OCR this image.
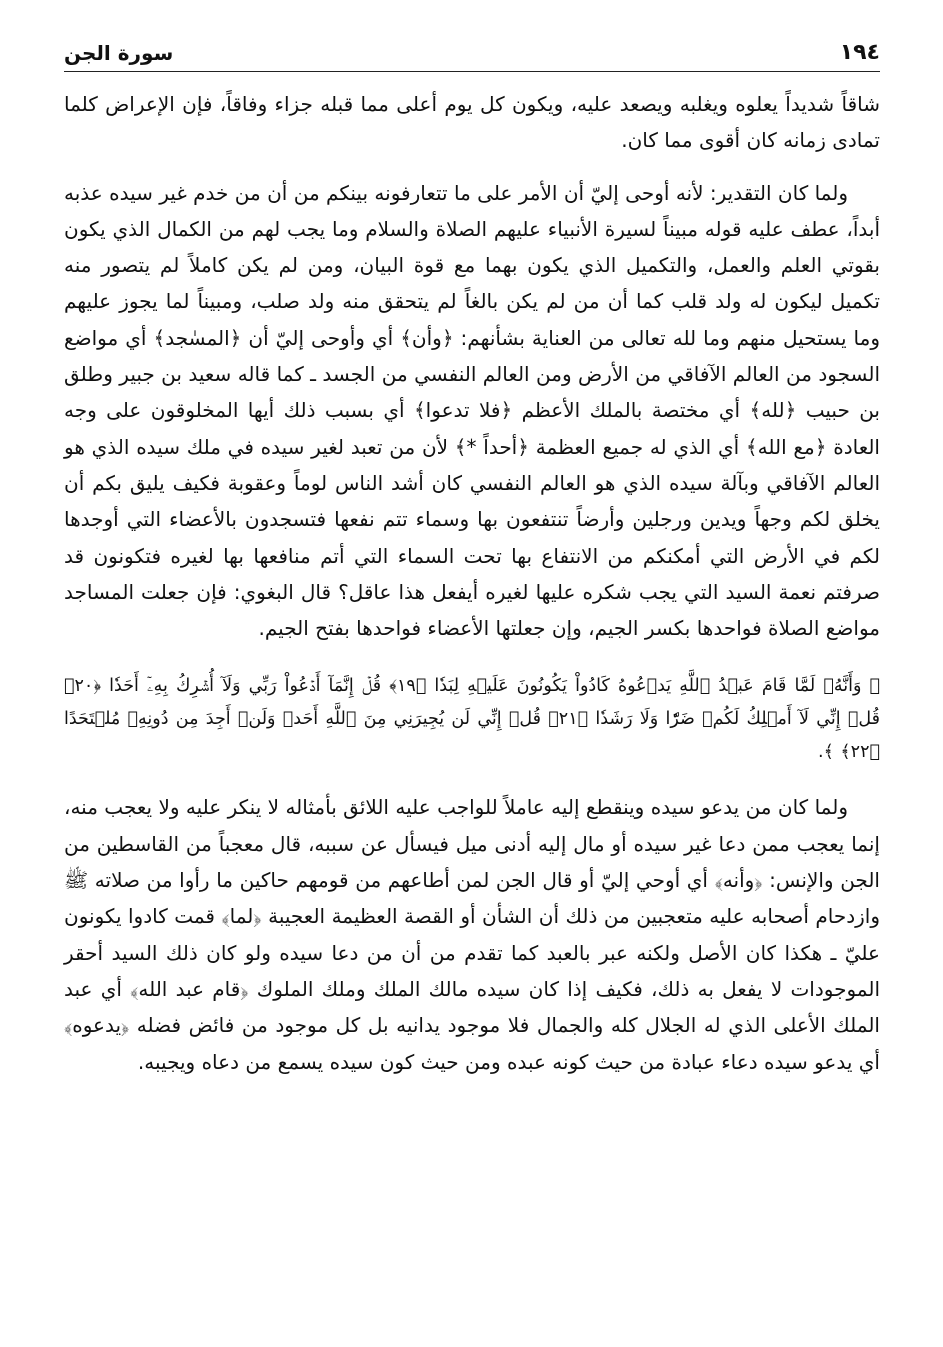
١٩٤
سورة الجن

شاقاً شديداً يعلوه ويغلبه ويصعد عليه، ويكون كل يوم أعلى مما قبله جزاء وفاقاً، فإن الإعراض كلما تمادى زمانه كان أقوى مما كان.

ولما كان التقدير: لأنه أوحى إليّ أن الأمر على ما تتعارفونه بينكم من أن من خدم غير سيده عذبه أبداً، عطف عليه قوله مبيناً لسيرة الأنبياء عليهم الصلاة والسلام وما يجب لهم من الكمال الذي يكون بقوتي العلم والعمل، والتكميل الذي يكون بهما مع قوة البيان، ومن لم يكن كاملاً لم يتصور منه تكميل ليكون له ولد قلب كما أن من لم يكن بالغاً لم يتحقق منه ولد صلب، ومبيناً لما يجوز عليهم وما يستحيل منهم وما لله تعالى من العناية بشأنهم: ﴿وأن﴾ أي وأوحى إليّ أن ﴿المسٰجد﴾ أي مواضع السجود من العالم الآفاقي من الأرض ومن العالم النفسي من الجسد ـ كما قاله سعيد بن جبير وطلق بن حبيب ﴿لله﴾ أي مختصة بالملك الأعظم ﴿فلا تدعوا﴾ أي بسبب ذلك أيها المخلوقون على وجه العادة ﴿مع الله﴾ أي الذي له جميع العظمة ﴿أحداً *﴾ لأن من تعبد لغير سيده في ملك سيده الذي هو العالم الآفاقي وبآلة سيده الذي هو العالم النفسي كان أشد الناس لوماً وعقوبة فكيف يليق بكم أن يخلق لكم وجهاً ويدين ورجلين وأرضاً تنتفعون بها وسماء تتم نفعها فتسجدون بالأعضاء التي أوجدها لكم في الأرض التي أمكنكم من الانتفاع بها تحت السماء التي أتم منافعها بها لغيره فتكونون قد صرفتم نعمة السيد التي يجب شكره عليها لغيره أيفعل هذا عاقل؟ قال البغوي: فإن جعلت المساجد مواضع الصلاة فواحدها بكسر الجيم، وإن جعلتها الأعضاء فواحدها بفتح الجيم.

﴿ وَأَنَّهُۥ لَمَّا قَامَ عَبۡدُ ٱللَّهِ يَدۡعُوهُ كَادُواْ يَكُونُونَ عَلَيۡهِ لِبَدٗا ﴿١٩﴾ قُلۡ إِنَّمَآ أَدۡعُواْ رَبِّي وَلَآ أُشۡرِكُ بِهِۦٓ أَحَدٗا ﴿٢٠﴾ قُلۡ إِنِّي لَآ أَمۡلِكُ لَكُمۡ ضَرّٗا وَلَا رَشَدٗا ﴿٢١﴾ قُلۡ إِنِّي لَن يُجِيرَنِي مِنَ ٱللَّهِ أَحَدٞ وَلَنۡ أَجِدَ مِن دُونِهِۦ مُلۡتَحَدًا ﴿٢٢﴾ ﴾.

ولما كان من يدعو سيده وينقطع إليه عاملاً للواجب عليه اللائق بأمثاله لا ينكر عليه ولا يعجب منه، إنما يعجب ممن دعا غير سيده أو مال إليه أدنى ميل فيسأل عن سببه، قال معجباً من القاسطين من الجن والإنس: ﴿وأنه﴾ أي أوحي إليّ أو قال الجن لمن أطاعهم من قومهم حاكين ما رأوا من صلاته ﷺ وازدحام أصحابه عليه متعجبين من ذلك أن الشأن أو القصة العظيمة العجيبة ﴿لما﴾ قمت كادوا يكونون عليّ ـ هكذا كان الأصل ولكنه عبر بالعبد كما تقدم من أن من دعا سيده ولو كان ذلك السيد أحقر الموجودات لا يفعل به ذلك، فكيف إذا كان سيده مالك الملك وملك الملوك ﴿قام عبد الله﴾ أي عبد الملك الأعلى الذي له الجلال كله والجمال فلا موجود يدانيه بل كل موجود من فائض فضله ﴿يدعوه﴾ أي يدعو سيده دعاء عبادة من حيث كونه عبده ومن حيث كون سيده يسمع من دعاه ويجيبه.
